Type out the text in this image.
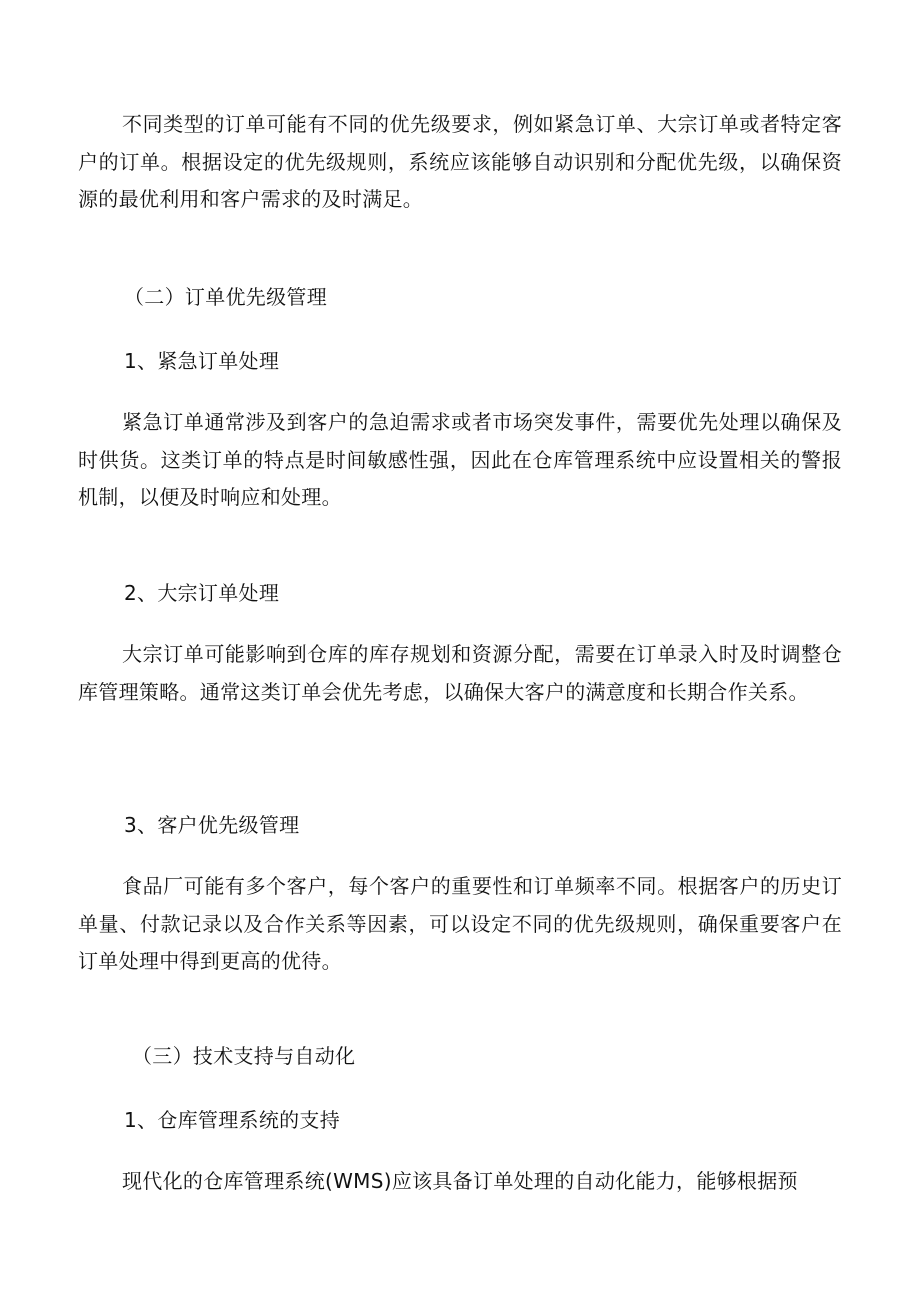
不同类型的订单可能有不同的优先级要求，例如紧急订单、大宗订单或者特定客户的订单。根据设定的优先级规则，系统应该能够自动识别和分配优先级，以确保资源的最优利用和客户需求的及时满足。

（二）订单优先级管理
1、紧急订单处理

紧急订单通常涉及到客户的急迫需求或者市场突发事件，需要优先处理以确保及时供货。这类订单的特点是时间敏感性强，因此在仓库管理系统中应设置相关的警报机制，以便及时响应和处理。

2、大宗订单处理

大宗订单可能影响到仓库的库存规划和资源分配，需要在订单录入时及时调整仓库管理策略。通常这类订单会优先考虑，以确保大客户的满意度和长期合作关系。

3、客户优先级管理

食品厂可能有多个客户，每个客户的重要性和订单频率不同。根据客户的历史订单量、付款记录以及合作关系等因素，可以设定不同的优先级规则，确保重要客户在订单处理中得到更高的优待。

（三）技术支持与自动化
1、仓库管理系统的支持

现代化的仓库管理系统(WMS)应该具备订单处理的自动化能力，能够根据预
